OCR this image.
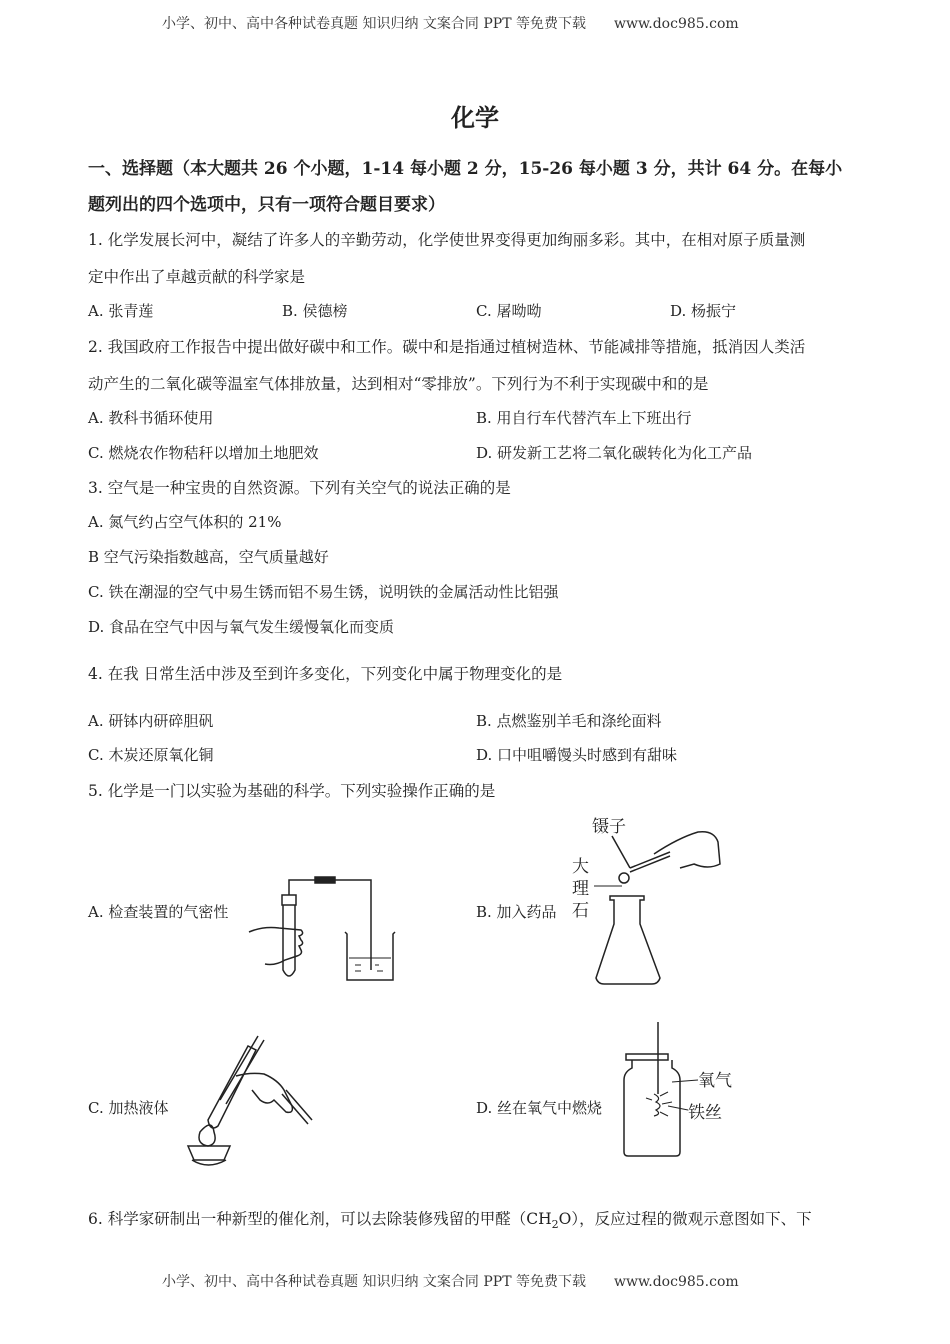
小学、初中、高中各种试卷真题 知识归纳 文案合同 PPT 等免费下载 www.doc985.com
化学
一、选择题（本大题共 26 个小题，1-14 每小题 2 分，15-26 每小题 3 分，共计 64 分。在每小
题列出的四个选项中，只有一项符合题目要求）
1. 化学发展长河中，凝结了许多人的辛勤劳动，化学使世界变得更加绚丽多彩。其中，在相对原子质量测
定中作出了卓越贡献的科学家是
A. 张青莲	B. 侯德榜	C. 屠呦呦	D. 杨振宁
2. 我国政府工作报告中提出做好碳中和工作。碳中和是指通过植树造林、节能减排等措施，抵消因人类活
动产生的二氧化碳等温室气体排放量，达到相对“零排放”。下列行为不利于实现碳中和的是
A. 教科书循环使用	B. 用自行车代替汽车上下班出行
C. 燃烧农作物秸秆以增加土地肥效	D. 研发新工艺将二氧化碳转化为化工产品
3. 空气是一种宝贵的自然资源。下列有关空气的说法正确的是
A. 氮气约占空气体积的 21%
B 空气污染指数越高，空气质量越好
C. 铁在潮湿的空气中易生锈而铝不易生锈，说明铁的金属活动性比铝强
D. 食品在空气中因与氧气发生缓慢氧化而变质
4. 在我 日常生活中涉及至到许多变化，下列变化中属于物理变化的是
A. 研钵内研碎胆矾	B. 点燃鉴别羊毛和涤纶面料
C. 木炭还原氧化铜	D. 口中咀嚼馒头时感到有甜味
5. 化学是一门以实验为基础的科学。下列实验操作正确的是
A. 检查装置的气密性	B. 加入药品
C. 加热液体	D. 丝在氧气中燃烧
镊子
大
理
石
氧气
铁丝
6. 科学家研制出一种新型的催化剂，可以去除装修残留的甲醛$(CH_2O)$，反应过程的微观示意图如下、下
小学、初中、高中各种试卷真题 知识归纳 文案合同 PPT 等免费下载 www.doc985.com
